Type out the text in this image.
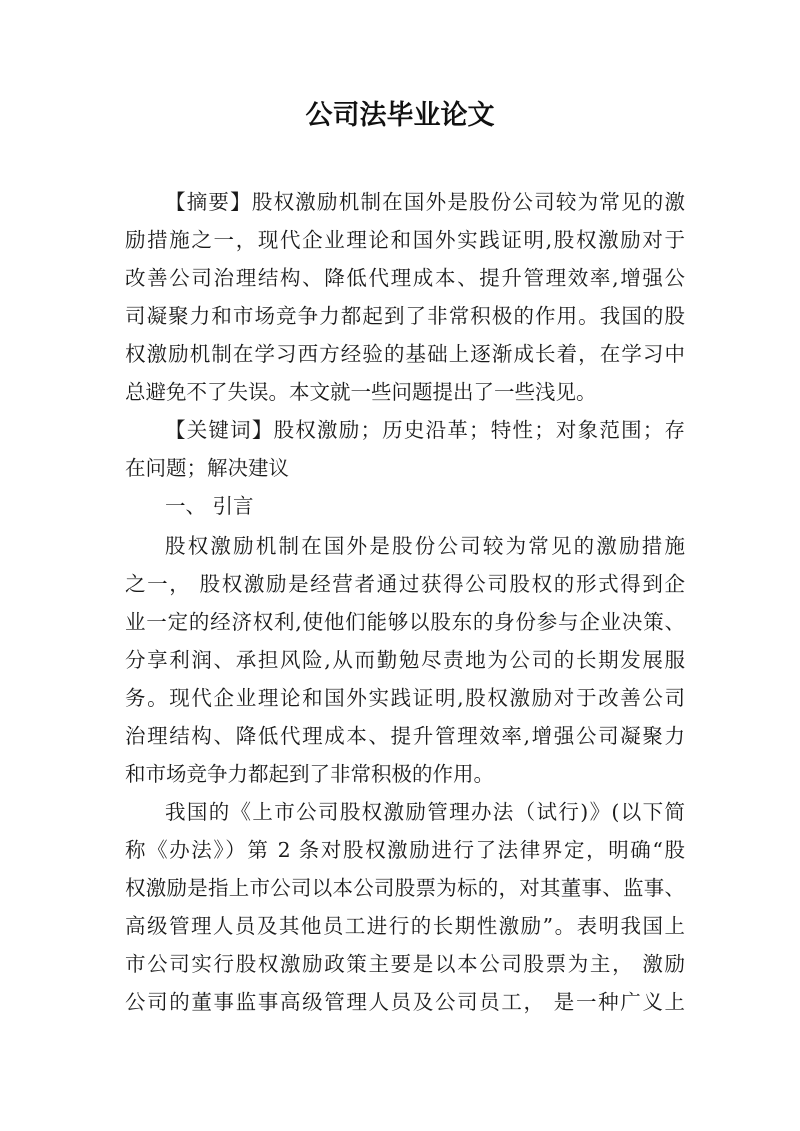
公司法毕业论文
【摘要】股权激励机制在国外是股份公司较为常见的激
励措施之一，现代企业理论和国外实践证明,股权激励对于
改善公司治理结构、降低代理成本、提升管理效率,增强公
司凝聚力和市场竞争力都起到了非常积极的作用。我国的股
权激励机制在学习西方经验的基础上逐渐成长着，在学习中
总避免不了失误。本文就一些问题提出了一些浅见。
【关键词】股权激励；历史沿革；特性；对象范围；存
在问题；解决建议
一、 引言
股权激励机制在国外是股份公司较为常见的激励措施
之一， 股权激励是经营者通过获得公司股权的形式得到企
业一定的经济权利,使他们能够以股东的身份参与企业决策、
分享利润、承担风险,从而勤勉尽责地为公司的长期发展服
务。现代企业理论和国外实践证明,股权激励对于改善公司
治理结构、降低代理成本、提升管理效率,增强公司凝聚力
和市场竞争力都起到了非常积极的作用。
我国的《上市公司股权激励管理办法（试行)》(以下简
称《办法》）第 2 条对股权激励进行了法律界定，明确“股
权激励是指上市公司以本公司股票为标的，对其董事、监事、
高级管理人员及其他员工进行的长期性激励”。表明我国上
市公司实行股权激励政策主要是以本公司股票为主， 激励
公司的董事监事高级管理人员及公司员工， 是一种广义上
